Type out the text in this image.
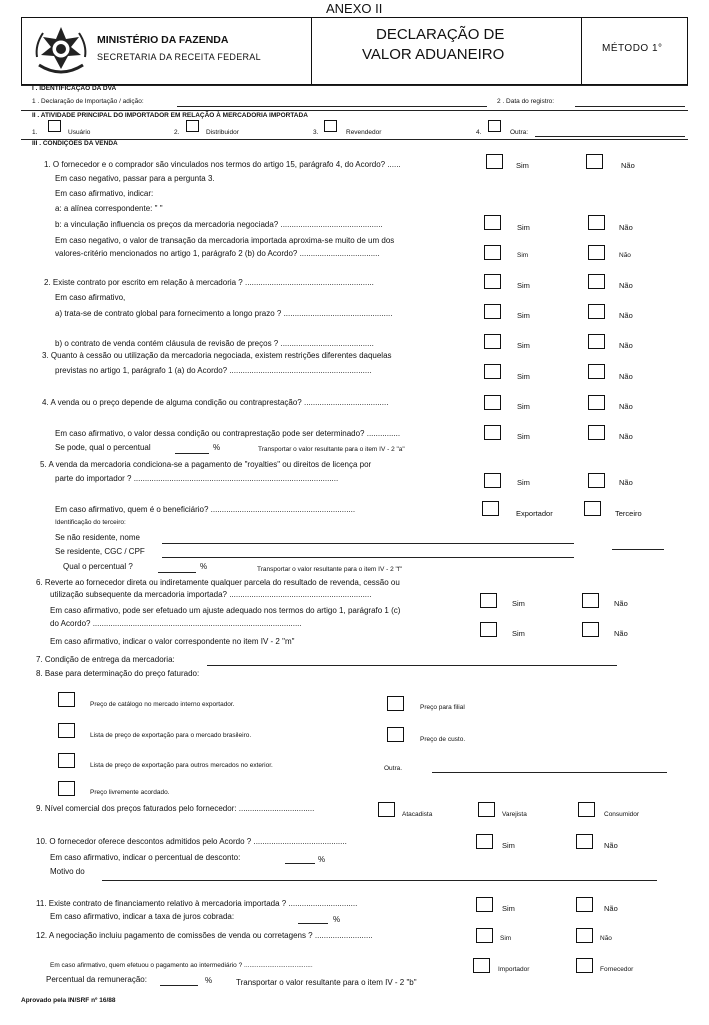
ANEXO II
MINISTÉRIO DA FAZENDA
SECRETARIA DA RECEITA FEDERAL
DECLARAÇÃO DE
VALOR ADUANEIRO	MÉTODO 1°
I . IDENTIFICAÇÃO DA DVA
1 . Declaração de Importação / adição:	2 . Data do registro:
II . ATIVIDADE PRINCIPAL DO IMPORTADOR EM RELAÇÃO À MERCADORIA IMPORTADA
1.	Usuário	2.	Distribuidor	3.	Revendedor	4.	Outra:
III . CONDIÇÕES DA VENDA
1. O fornecedor e o comprador são vinculados nos termos do artigo 15, parágrafo 4, do Acordo? ......	Sim	Não
Em caso negativo, passar para a pergunta 3.
Em caso afirmativo, indicar:
a: a alínea correspondente: " "
b: a vinculação influencia os preços da mercadoria negociada? ..............................................	Sim	Não
Em caso negativo, o valor de transação da mercadoria importada aproxima-se muito de um dos
valores-critério mencionados no artigo 1, parágrafo 2 (b) do Acordo? ....................................	Sim	Não
2. Existe contrato por escrito em relação à mercadoria ? ..........................................................	Sim	Não
Em caso afirmativo,
a) trata-se de contrato global para fornecimento a longo prazo ? .................................................	Sim	Não
b) o contrato de venda contém cláusula de revisão de preços ? ..........................................	Sim	Não
3. Quanto à cessão ou utilização da mercadoria negociada, existem restrições diferentes daquelas
previstas no artigo 1, parágrafo 1 (a) do Acordo? ................................................................
Sim	Não
4. A venda ou o preço depende de alguma condição ou contraprestação? ......................................	Sim	Não
Em caso afirmativo, o valor dessa condição ou contraprestação pode ser determinado? ...............	Sim	Não
Se pode, qual o percentual	%	Transportar o valor resultante para o item IV - 2 "a"
5. A venda da mercadoria condiciona-se a pagamento de "royalties" ou direitos de licença por
parte do importador ? ............................................................................................	Sim	Não
Em caso afirmativo, quem é o beneficiário? .................................................................	Exportador	Terceiro
Identificação do terceiro:
Se não residente, nome
Se residente, CGC / CPF
Qual o percentual ?	%	Transportar o valor resultante para o item IV - 2 "f"
6. Reverte ao fornecedor direta ou indiretamente qualquer parcela do resultado de revenda, cessão ou
utilização subsequente da mercadoria importada? ................................................................
Sim	Não
Em caso afirmativo, pode ser efetuado um ajuste adequado nos termos do artigo 1, parágrafo 1 (c)
do Acordo? ..............................................................................................
Sim	Não
Em caso afirmativo, indicar o valor correspondente no item IV - 2 "m"
7. Condição de entrega da mercadoria:
8. Base para determinação do preço faturado:
Preço de catálogo no mercado interno exportador.	Preço para filial
Lista de preço de exportação para o mercado brasileiro.
Preço de custo.
Lista de preço de exportação para outros mercados no exterior.	Outra.
Preço livremente acordado.
9. Nível comercial dos preços faturados pelo fornecedor: ..................................
Atacadista	Varejista	Consumidor
10. O fornecedor oferece descontos admitidos pelo Acordo ? ..........................................	Sim	Não
Em caso afirmativo, indicar o percentual de desconto:	%
Motivo do
11. Existe contrato de financiamento relativo à mercadoria importada ? ...............................
Sim	Não
Em caso afirmativo, indicar a taxa de juros cobrada:	%
12. A negociação incluiu pagamento de comissões de venda ou corretagens ? ..........................	Sim	Não
Em caso afirmativo, quem efetuou o pagamento ao intermediário ? ......................................
Importador	Fornecedor
Percentual da remuneração:	%	Transportar o valor resultante para o item IV - 2 "b"
Aprovado pela IN/SRF nº 16/88
